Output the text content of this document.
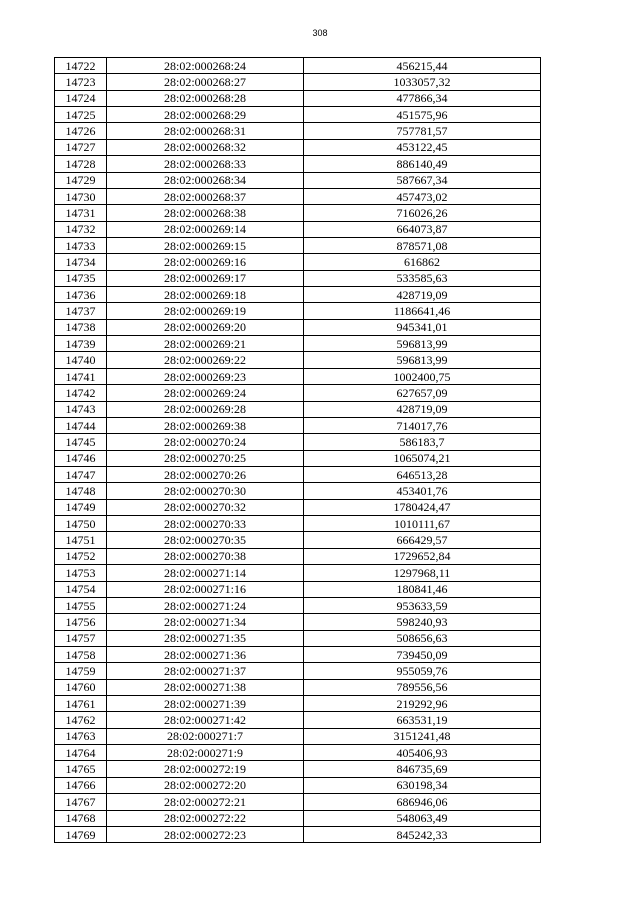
308
14722	28:02:000268:24	456215,44
14723	28:02:000268:27	1033057,32
14724	28:02:000268:28	477866,34
14725	28:02:000268:29	451575,96
14726	28:02:000268:31	757781,57
14727	28:02:000268:32	453122,45
14728	28:02:000268:33	886140,49
14729	28:02:000268:34	587667,34
14730	28:02:000268:37	457473,02
14731	28:02:000268:38	716026,26
14732	28:02:000269:14	664073,87
14733	28:02:000269:15	878571,08
14734	28:02:000269:16	616862
14735	28:02:000269:17	533585,63
14736	28:02:000269:18	428719,09
14737	28:02:000269:19	1186641,46
14738	28:02:000269:20	945341,01
14739	28:02:000269:21	596813,99
14740	28:02:000269:22	596813,99
14741	28:02:000269:23	1002400,75
14742	28:02:000269:24	627657,09
14743	28:02:000269:28	428719,09
14744	28:02:000269:38	714017,76
14745	28:02:000270:24	586183,7
14746	28:02:000270:25	1065074,21
14747	28:02:000270:26	646513,28
14748	28:02:000270:30	453401,76
14749	28:02:000270:32	1780424,47
14750	28:02:000270:33	1010111,67
14751	28:02:000270:35	666429,57
14752	28:02:000270:38	1729652,84
14753	28:02:000271:14	1297968,11
14754	28:02:000271:16	180841,46
14755	28:02:000271:24	953633,59
14756	28:02:000271:34	598240,93
14757	28:02:000271:35	508656,63
14758	28:02:000271:36	739450,09
14759	28:02:000271:37	955059,76
14760	28:02:000271:38	789556,56
14761	28:02:000271:39	219292,96
14762	28:02:000271:42	663531,19
14763	28:02:000271:7	3151241,48
14764	28:02:000271:9	405406,93
14765	28:02:000272:19	846735,69
14766	28:02:000272:20	630198,34
14767	28:02:000272:21	686946,06
14768	28:02:000272:22	548063,49
14769	28:02:000272:23	845242,33
